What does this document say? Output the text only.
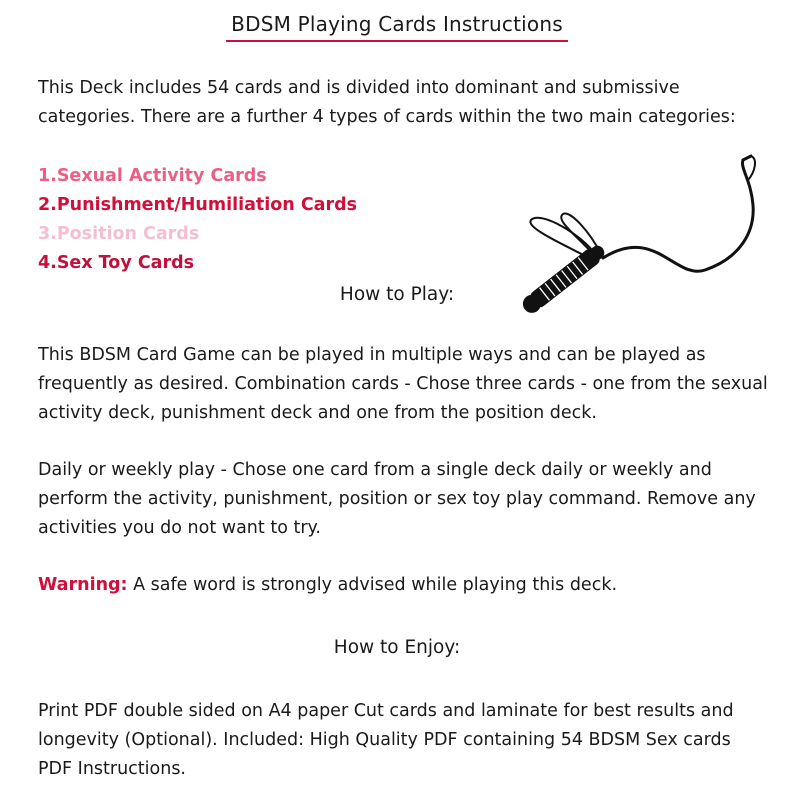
BDSM Playing Cards Instructions

This Deck includes 54 cards and is divided into dominant and submissive categories. There are a further 4 types of cards within the two main categories:

1.Sexual Activity Cards
2.Punishment/Humiliation Cards
3.Position Cards
4.Sex Toy Cards
How to Play:

This BDSM Card Game can be played in multiple ways and can be played as frequently as desired. Combination cards - Chose three cards - one from the sexual activity deck, punishment deck and one from the position deck.

Daily or weekly play - Chose one card from a single deck daily or weekly and perform the activity, punishment, position or sex toy play command. Remove any activities you do not want to try.

Warning: A safe word is strongly advised while playing this deck.

How to Enjoy:

Print PDF double sided on A4 paper Cut cards and laminate for best results and longevity (Optional). Included: High Quality PDF containing 54 BDSM Sex cards PDF Instructions.
